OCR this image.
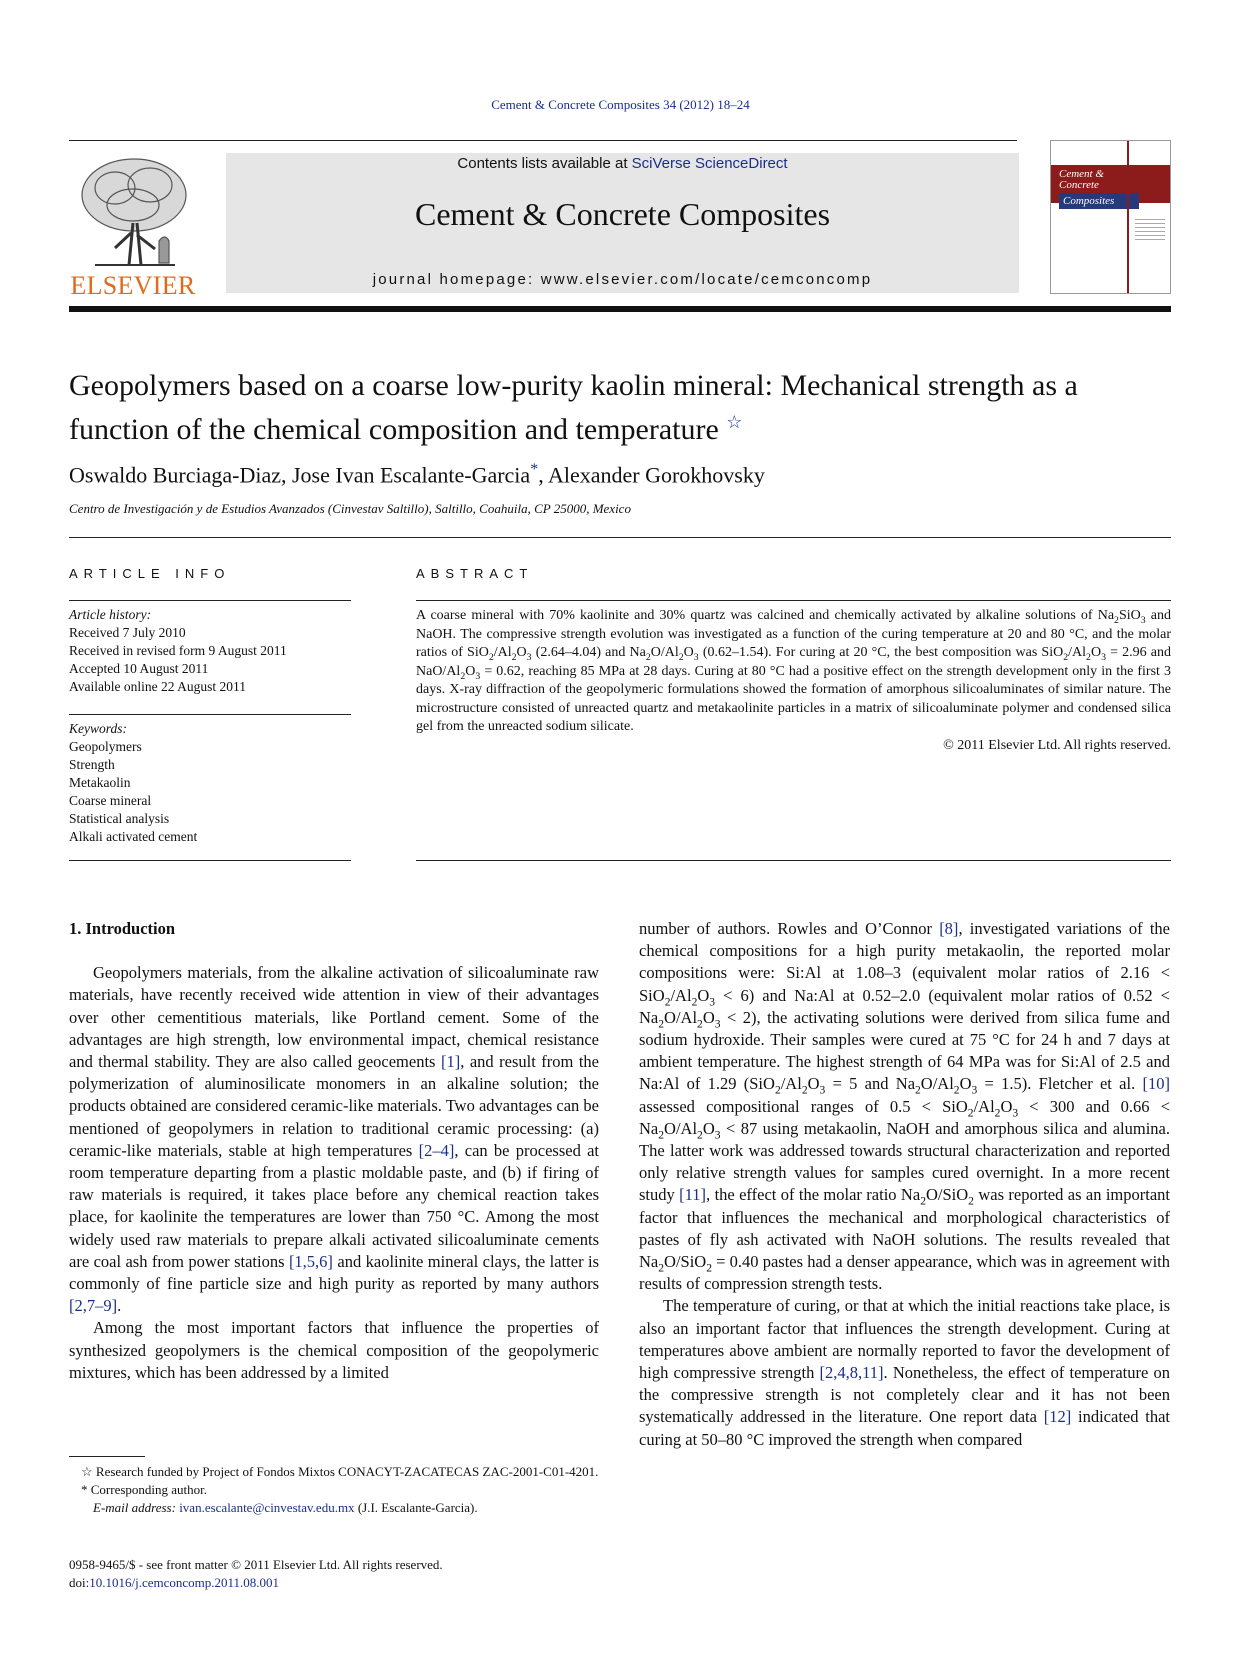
Cement & Concrete Composites 34 (2012) 18–24
ELSEVIER
Contents lists available at SciVerse ScienceDirect
Cement & Concrete Composites
journal homepage: www.elsevier.com/locate/cemconcomp
Cement &
Concrete
Composites
Geopolymers based on a coarse low-purity kaolin mineral: Mechanical strength as a function of the chemical composition and temperature ☆
Oswaldo Burciaga-Diaz, Jose Ivan Escalante-Garcia*, Alexander Gorokhovsky
Centro de Investigación y de Estudios Avanzados (Cinvestav Saltillo), Saltillo, Coahuila, CP 25000, Mexico
ARTICLE INFO
Article history:
Received 7 July 2010
Received in revised form 9 August 2011
Accepted 10 August 2011
Available online 22 August 2011
Keywords:
Geopolymers
Strength
Metakaolin
Coarse mineral
Statistical analysis
Alkali activated cement
ABSTRACT
A coarse mineral with 70% kaolinite and 30% quartz was calcined and chemically activated by alkaline solutions of $Na_2SiO_3$ and NaOH. The compressive strength evolution was investigated as a function of the curing temperature at 20 and 80 °C, and the molar ratios of $SiO_2/Al_2O_3$ (2.64–4.04) and $Na_2O/Al_2O_3$ (0.62–1.54). For curing at 20 °C, the best composition was $SiO_2/Al_2O_3 = 2.96$ and NaO/$Al_2O_3 = 0.62$, reaching 85 MPa at 28 days. Curing at 80 °C had a positive effect on the strength development only in the first 3 days. X-ray diffraction of the geopolymeric formulations showed the formation of amorphous silicoaluminates of similar nature. The microstructure consisted of unreacted quartz and metakaolinite particles in a matrix of silicoaluminate polymer and condensed silica gel from the unreacted sodium silicate.
© 2011 Elsevier Ltd. All rights reserved.
1. Introduction

Geopolymers materials, from the alkaline activation of silicoaluminate raw materials, have recently received wide attention in view of their advantages over other cementitious materials, like Portland cement. Some of the advantages are high strength, low environmental impact, chemical resistance and thermal stability. They are also called geocements [1], and result from the polymerization of aluminosilicate monomers in an alkaline solution; the products obtained are considered ceramic-like materials. Two advantages can be mentioned of geopolymers in relation to traditional ceramic processing: (a) ceramic-like materials, stable at high temperatures [2–4], can be processed at room temperature departing from a plastic moldable paste, and (b) if firing of raw materials is required, it takes place before any chemical reaction takes place, for kaolinite the temperatures are lower than 750 °C. Among the most widely used raw materials to prepare alkali activated silicoaluminate cements are coal ash from power stations [1,5,6] and kaolinite mineral clays, the latter is commonly of fine particle size and high purity as reported by many authors [2,7–9].

Among the most important factors that influence the properties of synthesized geopolymers is the chemical composition of the geopolymeric mixtures, which has been addressed by a limited

number of authors. Rowles and O’Connor [8], investigated variations of the chemical compositions for a high purity metakaolin, the reported molar compositions were: Si:Al at 1.08–3 (equivalent molar ratios of $2.16 < SiO_2/Al_2O_3 < 6$) and Na:Al at 0.52–2.0 (equivalent molar ratios of $0.52 < Na_2O/Al_2O_3 < 2$), the activating solutions were derived from silica fume and sodium hydroxide. Their samples were cured at 75 °C for 24 h and 7 days at ambient temperature. The highest strength of 64 MPa was for Si:Al of 2.5 and Na:Al of 1.29 ($SiO_2/Al_2O_3 = 5$ and $Na_2O/Al_2O_3 = 1.5$). Fletcher et al. [10] assessed compositional ranges of $0.5 < SiO_2/Al_2O_3 < 300$ and $0.66 < Na_2O/Al_2O_3 < 87$ using metakaolin, NaOH and amorphous silica and alumina. The latter work was addressed towards structural characterization and reported only relative strength values for samples cured overnight. In a more recent study [11], the effect of the molar ratio $Na_2O/SiO_2$ was reported as an important factor that influences the mechanical and morphological characteristics of pastes of fly ash activated with NaOH solutions. The results revealed that $Na_2O/SiO_2 = 0.40$ pastes had a denser appearance, which was in agreement with results of compression strength tests.

The temperature of curing, or that at which the initial reactions take place, is also an important factor that influences the strength development. Curing at temperatures above ambient are normally reported to favor the development of high compressive strength [2,4,8,11]. Nonetheless, the effect of temperature on the compressive strength is not completely clear and it has not been systematically addressed in the literature. One report data [12] indicated that curing at 50–80 °C improved the strength when compared

☆ Research funded by Project of Fondos Mixtos CONACYT-ZACATECAS ZAC-2001-C01-4201.
* Corresponding author.
E-mail address: ivan.escalante@cinvestav.edu.mx (J.I. Escalante-Garcia).
0958-9465/$ - see front matter © 2011 Elsevier Ltd. All rights reserved.
doi:10.1016/j.cemconcomp.2011.08.001
